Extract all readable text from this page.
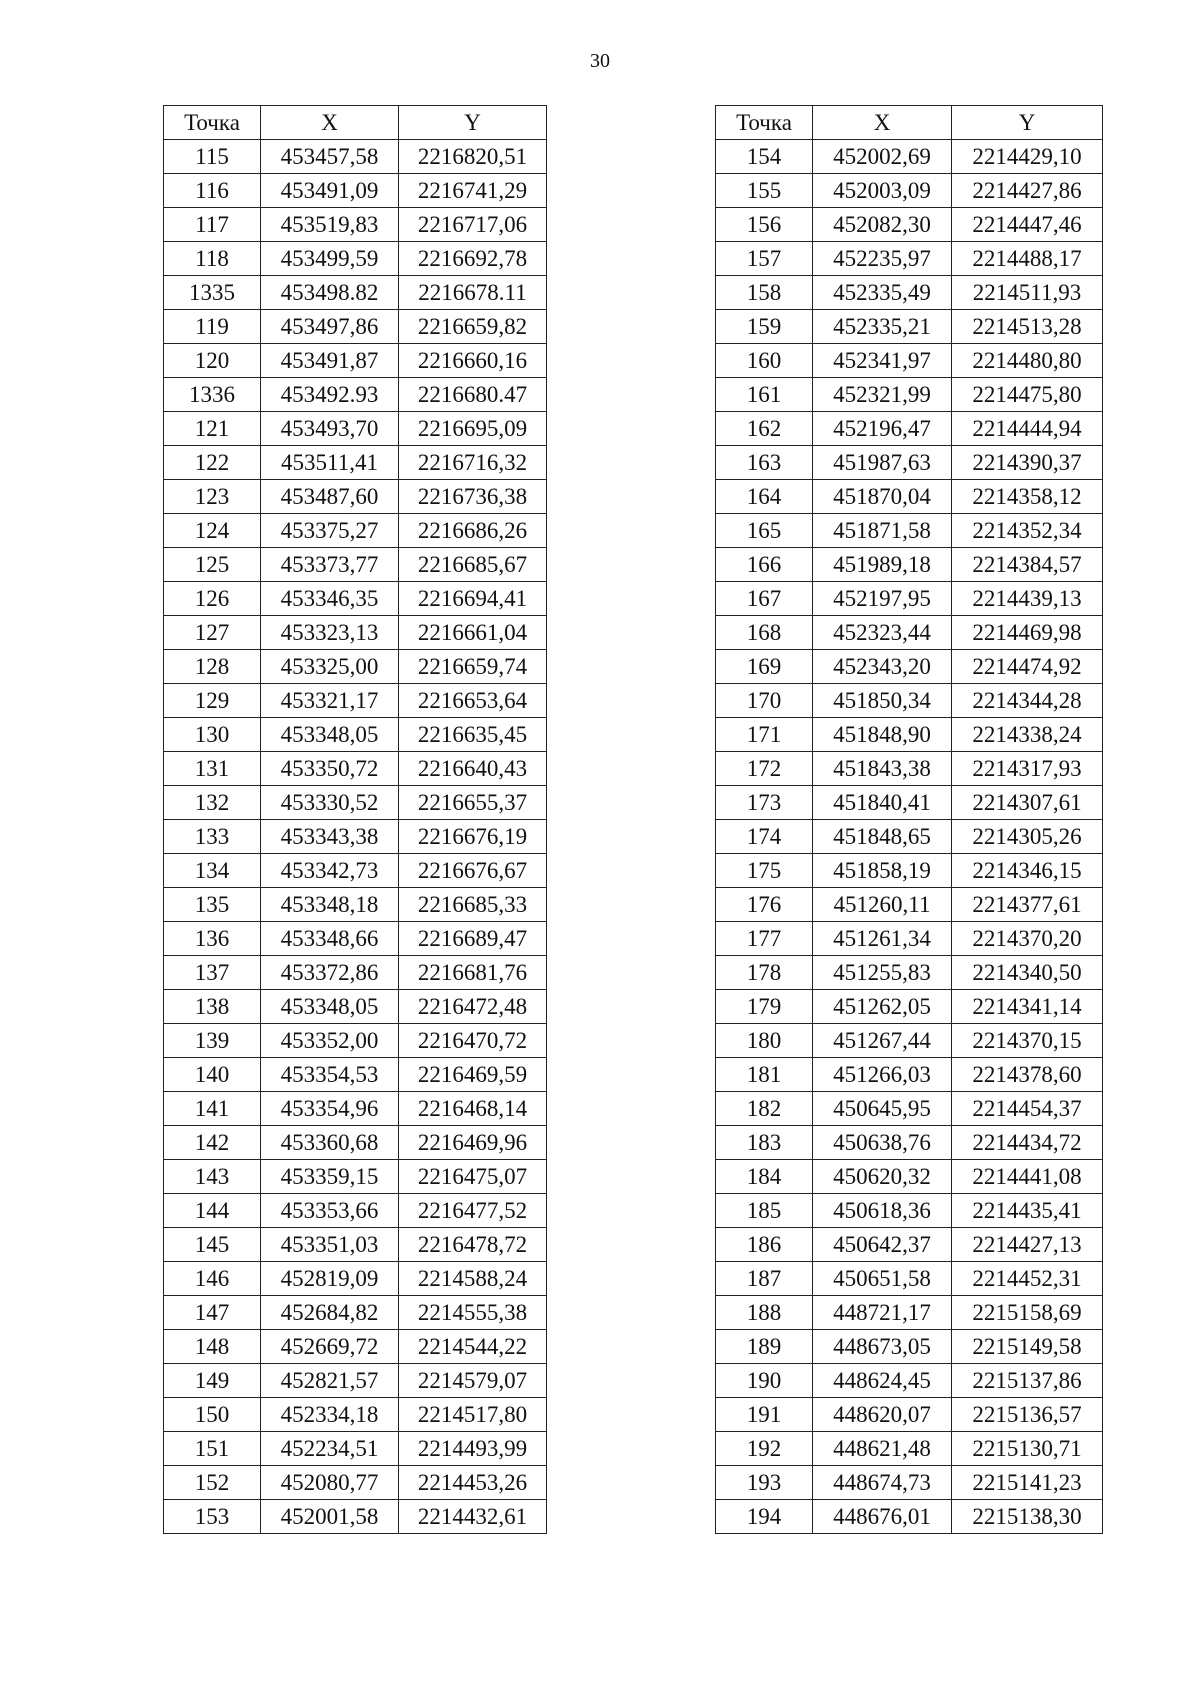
30
Точка	X	Y
115	453457,58	2216820,51
116	453491,09	2216741,29
117	453519,83	2216717,06
118	453499,59	2216692,78
1335	453498.82	2216678.11
119	453497,86	2216659,82
120	453491,87	2216660,16
1336	453492.93	2216680.47
121	453493,70	2216695,09
122	453511,41	2216716,32
123	453487,60	2216736,38
124	453375,27	2216686,26
125	453373,77	2216685,67
126	453346,35	2216694,41
127	453323,13	2216661,04
128	453325,00	2216659,74
129	453321,17	2216653,64
130	453348,05	2216635,45
131	453350,72	2216640,43
132	453330,52	2216655,37
133	453343,38	2216676,19
134	453342,73	2216676,67
135	453348,18	2216685,33
136	453348,66	2216689,47
137	453372,86	2216681,76
138	453348,05	2216472,48
139	453352,00	2216470,72
140	453354,53	2216469,59
141	453354,96	2216468,14
142	453360,68	2216469,96
143	453359,15	2216475,07
144	453353,66	2216477,52
145	453351,03	2216478,72
146	452819,09	2214588,24
147	452684,82	2214555,38
148	452669,72	2214544,22
149	452821,57	2214579,07
150	452334,18	2214517,80
151	452234,51	2214493,99
152	452080,77	2214453,26
153	452001,58	2214432,61
Точка	X	Y
154	452002,69	2214429,10
155	452003,09	2214427,86
156	452082,30	2214447,46
157	452235,97	2214488,17
158	452335,49	2214511,93
159	452335,21	2214513,28
160	452341,97	2214480,80
161	452321,99	2214475,80
162	452196,47	2214444,94
163	451987,63	2214390,37
164	451870,04	2214358,12
165	451871,58	2214352,34
166	451989,18	2214384,57
167	452197,95	2214439,13
168	452323,44	2214469,98
169	452343,20	2214474,92
170	451850,34	2214344,28
171	451848,90	2214338,24
172	451843,38	2214317,93
173	451840,41	2214307,61
174	451848,65	2214305,26
175	451858,19	2214346,15
176	451260,11	2214377,61
177	451261,34	2214370,20
178	451255,83	2214340,50
179	451262,05	2214341,14
180	451267,44	2214370,15
181	451266,03	2214378,60
182	450645,95	2214454,37
183	450638,76	2214434,72
184	450620,32	2214441,08
185	450618,36	2214435,41
186	450642,37	2214427,13
187	450651,58	2214452,31
188	448721,17	2215158,69
189	448673,05	2215149,58
190	448624,45	2215137,86
191	448620,07	2215136,57
192	448621,48	2215130,71
193	448674,73	2215141,23
194	448676,01	2215138,30
